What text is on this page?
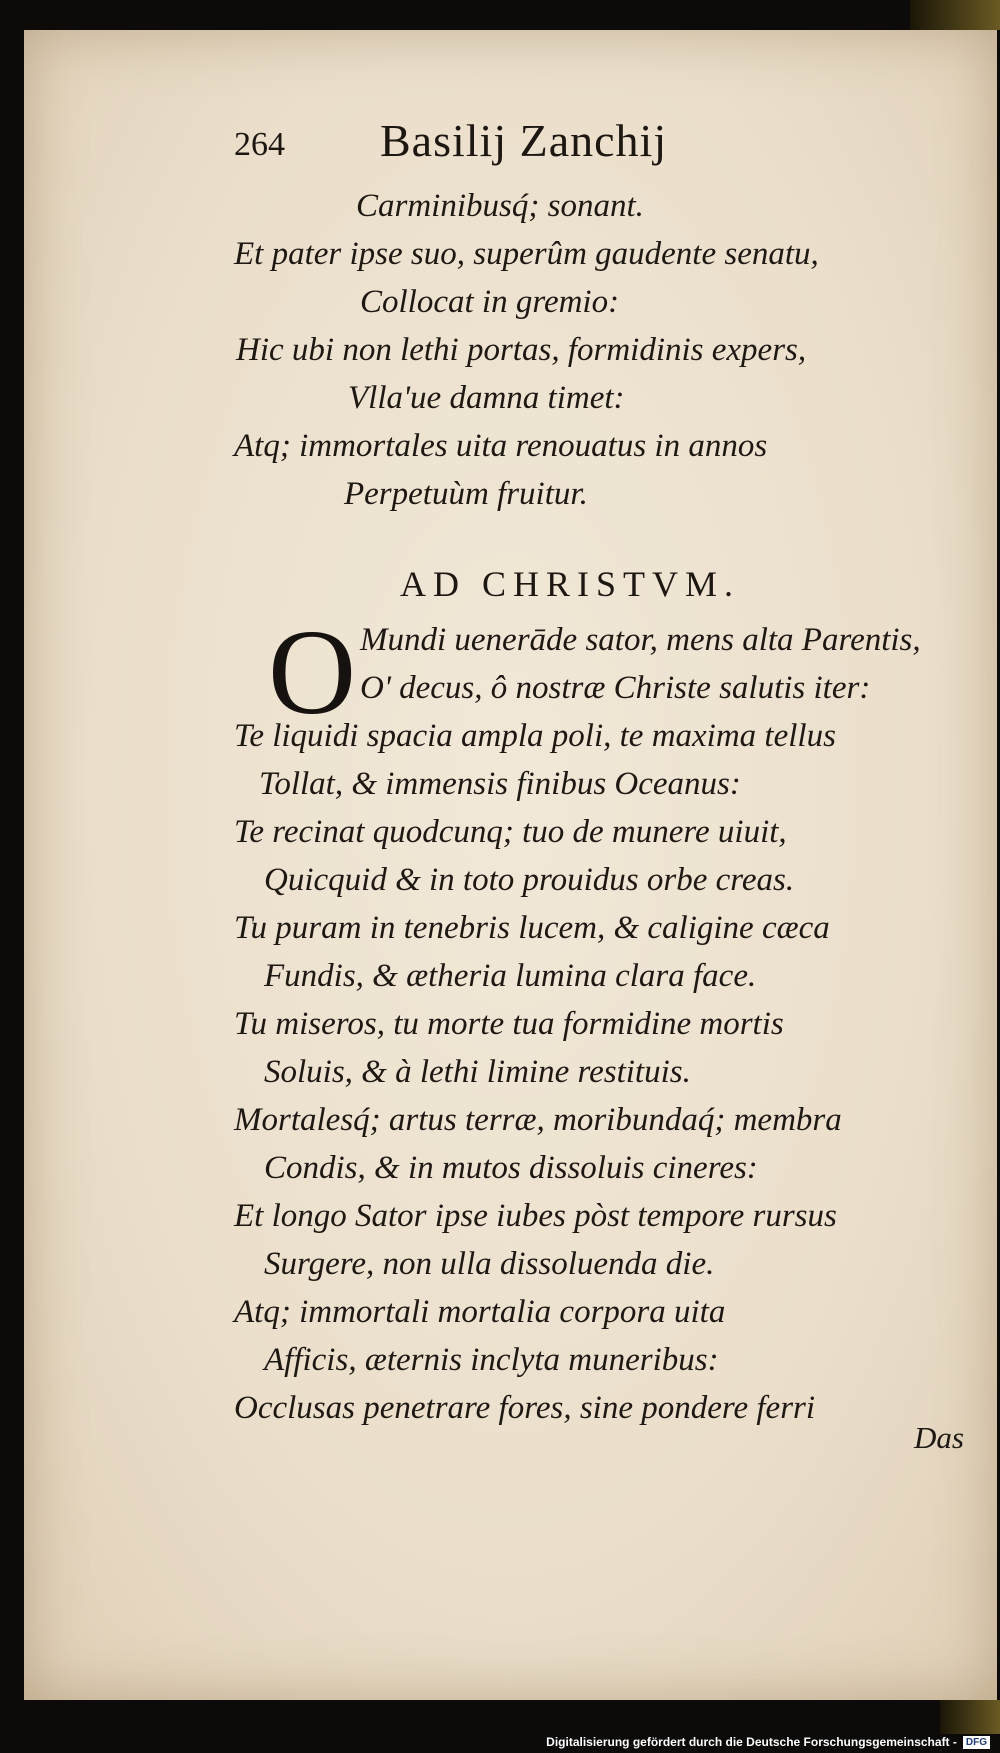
264 Basilij Zanchij
Carminibusq́; sonant.
Et pater ipse suo, superûm gaudente senatu,
Collocat in gremio:
Hic ubi non lethi portas, formidinis expers,
Vlla'ue damna timet:
Atq; immortales uita renouatus in annos
Perpetuùm fruitur.
AD CHRISTVM.
O Mundi uenerāde sator, mens alta Parentis,
O' decus, ô nostræ Christe salutis iter:
Te liquidi spacia ampla poli, te maxima tellus
Tollat, & immensis finibus Oceanus:
Te recinat quodcunq; tuo de munere uiuit,
Quicquid & in toto prouidus orbe creas.
Tu puram in tenebris lucem, & caligine cæca
Fundis, & ætheria lumina clara face.
Tu miseros, tu morte tua formidine mortis
Soluis, & à lethi limine restituis.
Mortalesq́; artus terræ, moribundaq́; membra
Condis, & in mutos dissoluis cineres:
Et longo Sator ipse iubes pòst tempore rursus
Surgere, non ulla dissoluenda die.
Atq; immortali mortalia corpora uita
Afficis, æternis inclyta muneribus:
Occlusas penetrare fores, sine pondere ferri
Das
Digitalisierung gefördert durch die Deutsche Forschungsgemeinschaft - DFG
